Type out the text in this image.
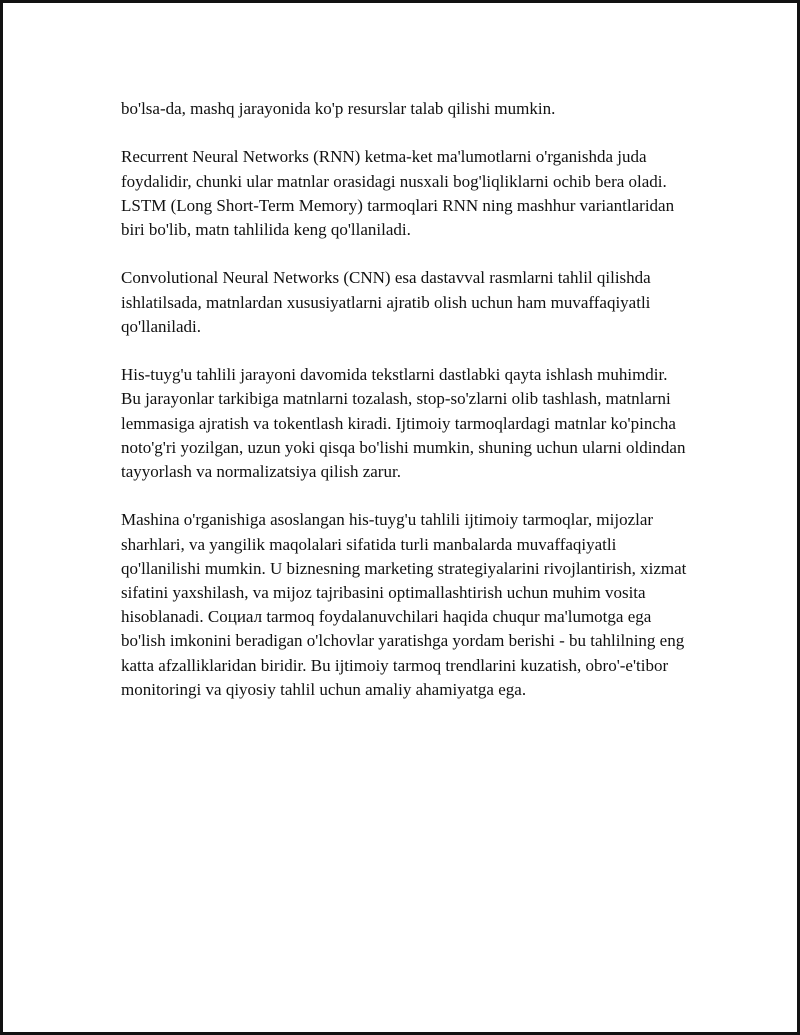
bo'lsa-da, mashq jarayonida ko'p resurslar talab qilishi mumkin.

Recurrent Neural Networks (RNN) ketma-ket ma'lumotlarni o'rganishda juda foydalidir, chunki ular matnlar orasidagi nusxali bog'liqliklarni ochib bera oladi. LSTM (Long Short-Term Memory) tarmoqlari RNN ning mashhur variantlaridan biri bo'lib, matn tahlilida keng qo'llaniladi.

Convolutional Neural Networks (CNN) esa dastavval rasmlarni tahlil qilishda ishlatilsada, matnlardan xususiyatlarni ajratib olish uchun ham muvaffaqiyatli qo'llaniladi.

His-tuyg'u tahlili jarayoni davomida tekstlarni dastlabki qayta ishlash muhimdir. Bu jarayonlar tarkibiga matnlarni tozalash, stop-so'zlarni olib tashlash, matnlarni lemmasiga ajratish va tokentlash kiradi. Ijtimoiy tarmoqlardagi matnlar ko'pincha noto'g'ri yozilgan, uzun yoki qisqa bo'lishi mumkin, shuning uchun ularni oldindan tayyorlash va normalizatsiya qilish zarur.

Mashina o'rganishiga asoslangan his-tuyg'u tahlili ijtimoiy tarmoqlar, mijozlar sharhlari, va yangilik maqolalari sifatida turli manbalarda muvaffaqiyatli qo'llanilishi mumkin. U biznesning marketing strategiyalarini rivojlantirish, xizmat sifatini yaxshilash, va mijoz tajribasini optimallashtirish uchun muhim vosita hisoblanadi. Социал tarmoq foydalanuvchilari haqida chuqur ma'lumotga ega bo'lish imkonini beradigan o'lchovlar yaratishga yordam berishi - bu tahlilning eng katta afzalliklaridan biridir. Bu ijtimoiy tarmoq trendlarini kuzatish, obro'-e'tibor monitoringi va qiyosiy tahlil uchun amaliy ahamiyatga ega.
